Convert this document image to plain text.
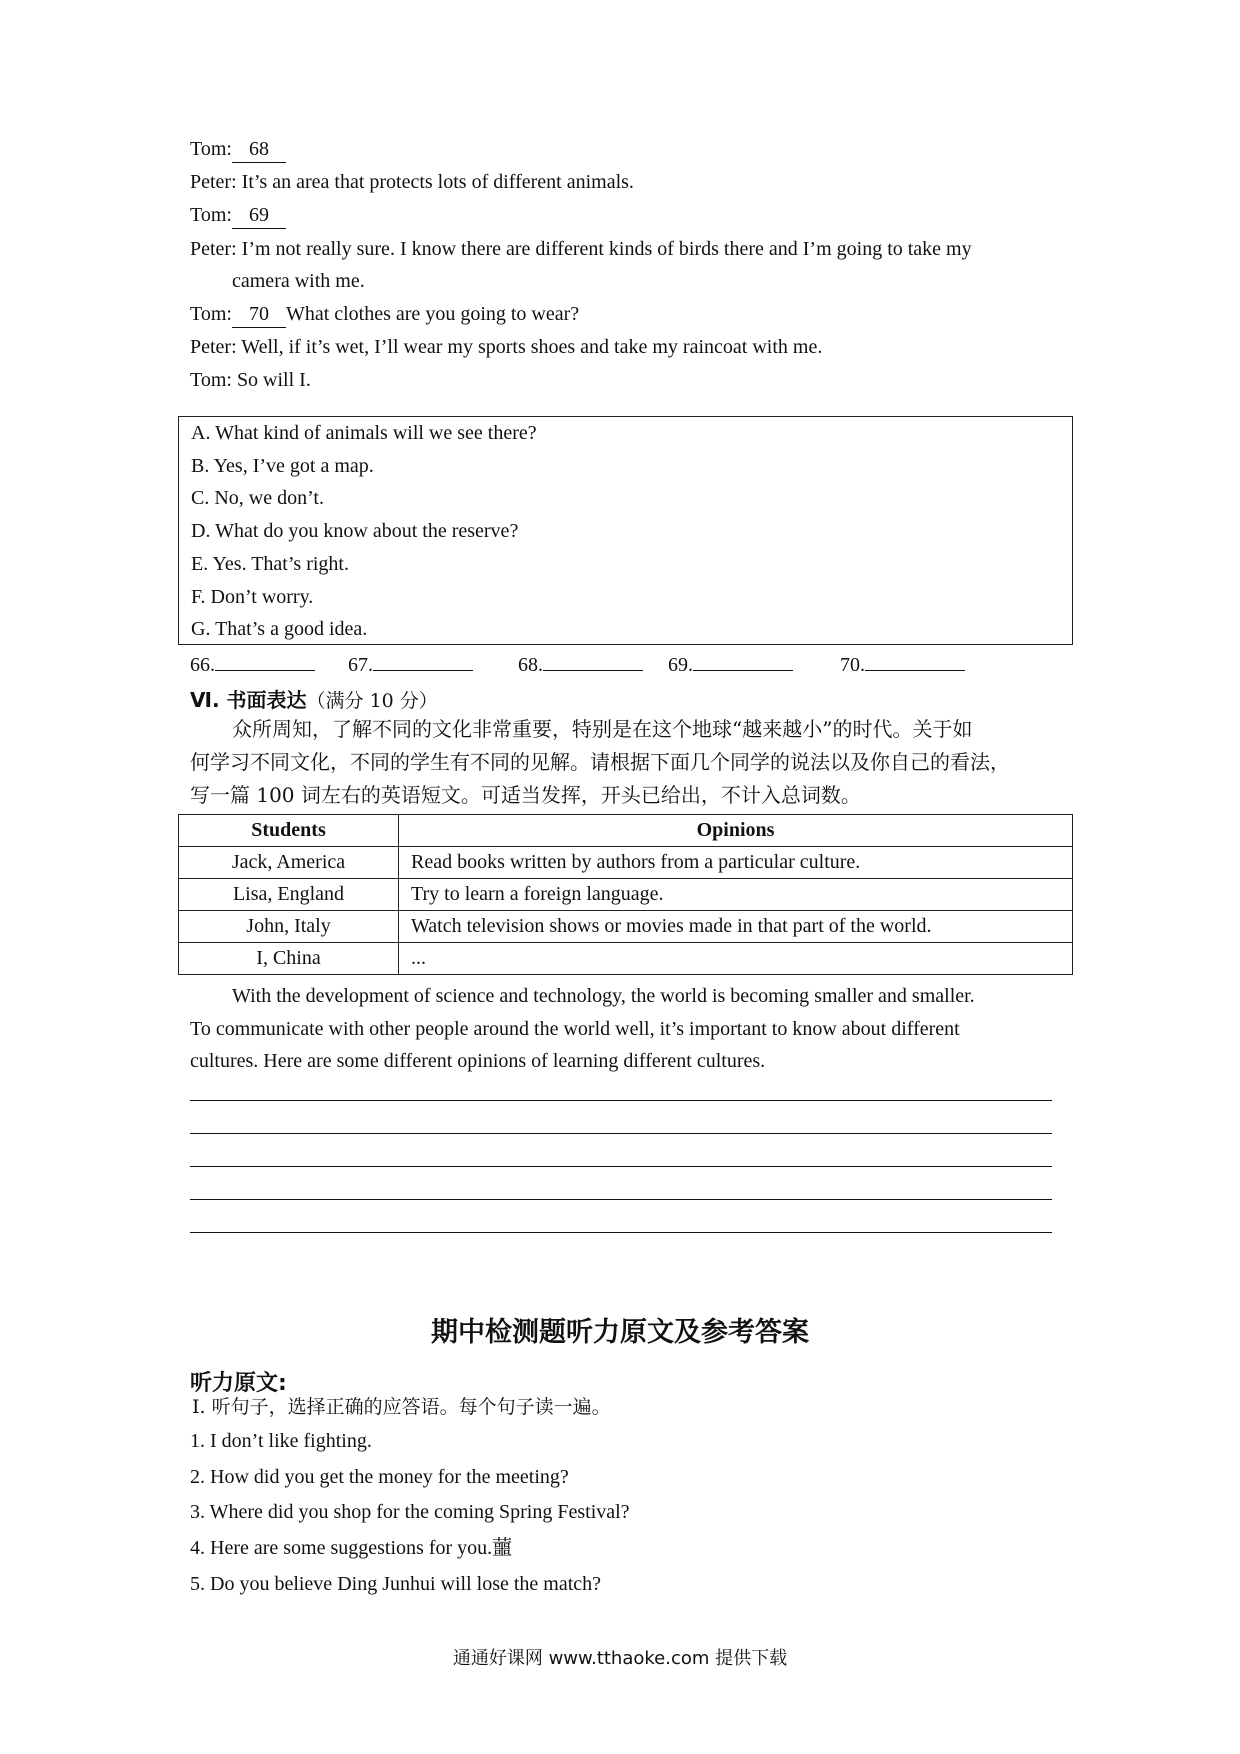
Tom: 68
Peter: It’s an area that protects lots of different animals.
Tom: 69
Peter: I’m not really sure. I know there are different kinds of birds there and I’m going to take my
camera with me.
Tom: 70 What clothes are you going to wear?
Peter: Well, if it’s wet, I’ll wear my sports shoes and take my raincoat with me.
Tom: So will I.
A. What kind of animals will we see there?
B. Yes, I’ve got a map.
C. No, we don’t.
D. What do you know about the reserve?
E. Yes. That’s right.
F. Don’t worry.
G. That’s a good idea.
66.	67.	68.	69.	70.
Ⅵ. 书面表达（满分 10 分）
众所周知，了解不同的文化非常重要，特别是在这个地球“越来越小”的时代。关于如
何学习不同文化，不同的学生有不同的见解。请根据下面几个同学的说法以及你自己的看法，
写一篇 100 词左右的英语短文。可适当发挥，开头已给出，不计入总词数。
Students	Opinions
Jack, America	Read books written by authors from a particular culture.
Lisa, England	Try to learn a foreign language.
John, Italy	Watch television shows or movies made in that part of the world.
I, China	...
With the development of science and technology, the world is becoming smaller and smaller.
To communicate with other people around the world well, it’s important to know about different
cultures. Here are some different opinions of learning different cultures.
期中检测题听力原文及参考答案
听力原文:
Ⅰ. 听句子，选择正确的应答语。每个句子读一遍。
1. I don’t like fighting.
2. How did you get the money for the meeting?
3. Where did you shop for the coming Spring Festival?
4. Here are some suggestions for you.蘁
5. Do you believe Ding Junhui will lose the match?
通通好课网 www.tthaoke.com 提供下载
